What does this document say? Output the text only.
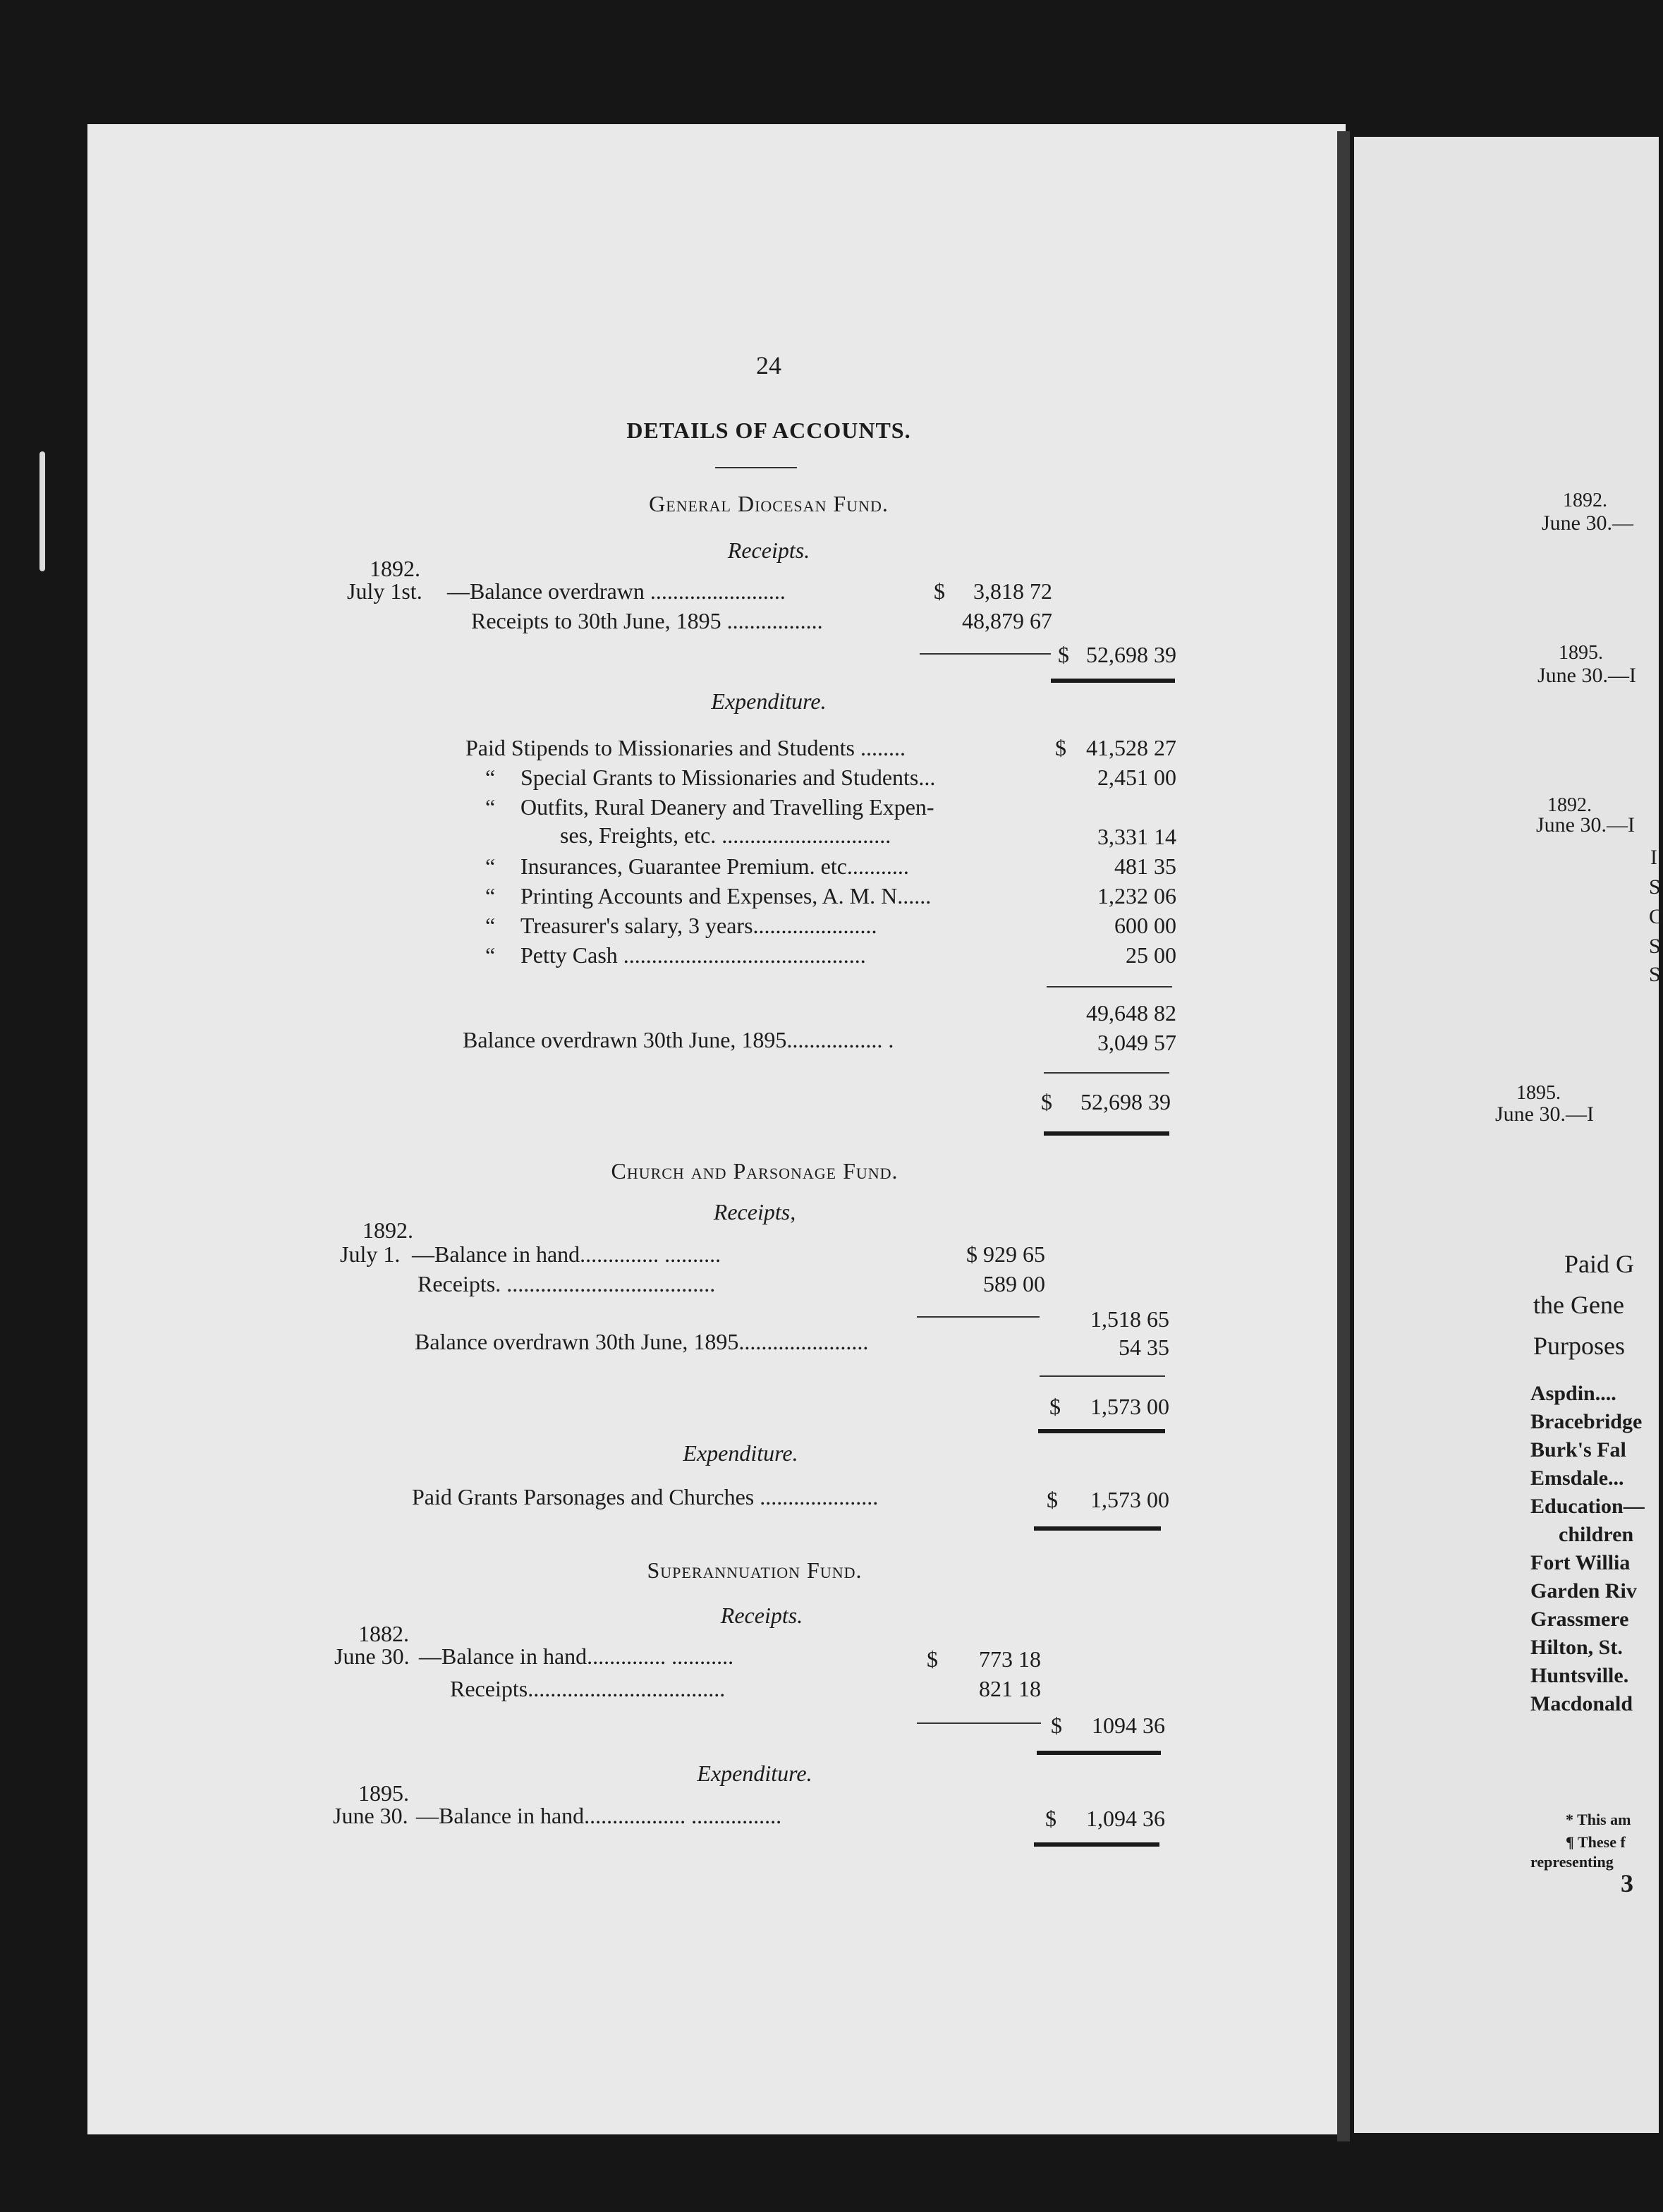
24
DETAILS OF ACCOUNTS.
General Diocesan Fund.
Receipts.
1892.
July 1st. —Balance overdrawn ........................	$	3,818 72
Receipts to 30th June, 1895 .................	48,879 67
$ 52,698 39
Expenditure.
Paid Stipends to Missionaries and Students ........	$ 41,528 27
“ Special Grants to Missionaries and Students...	2,451 00
“ Outfits, Rural Deanery and Travelling Expen-
ses, Freights, etc. ..............................	3,331 14
“ Insurances, Guarantee Premium. etc...........	481 35
“ Printing Accounts and Expenses, A. M. N......	1,232 06
“ Treasurer's salary, 3 years......................	600 00
“ Petty Cash ...........................................	25 00
49,648 82
Balance overdrawn 30th June, 1895................. .	3,049 57
$	52,698 39
Church and Parsonage Fund.
Receipts,
1892.
July 1. —Balance in hand.............. ..........	$ 929 65
Receipts. .....................................	589 00
1,518 65
Balance overdrawn 30th June, 1895.......................	54 35
$	1,573 00
Expenditure.
Paid Grants Parsonages and Churches .....................	$	1,573 00
Superannuation Fund.
Receipts.
1882.
June 30. —Balance in hand.............. ...........	$	773 18
Receipts...................................	821 18
$	1094 36
Expenditure.
1895.
June 30. —Balance in hand.................. ................	$	1,094 36
1892.
June 30.—
1895.
June 30.—I
1892.
June 30.—I
I
S
C
S
S
1895.
June 30.—I
Paid G
the Gene
Purposes
Aspdin....
Bracebridge
Burk's Fal
Emsdale...
Education—
children
Fort Willia
Garden Riv
Grassmere
Hilton, St.
Huntsville.
Macdonald
* This am
¶ These f
representing
3
